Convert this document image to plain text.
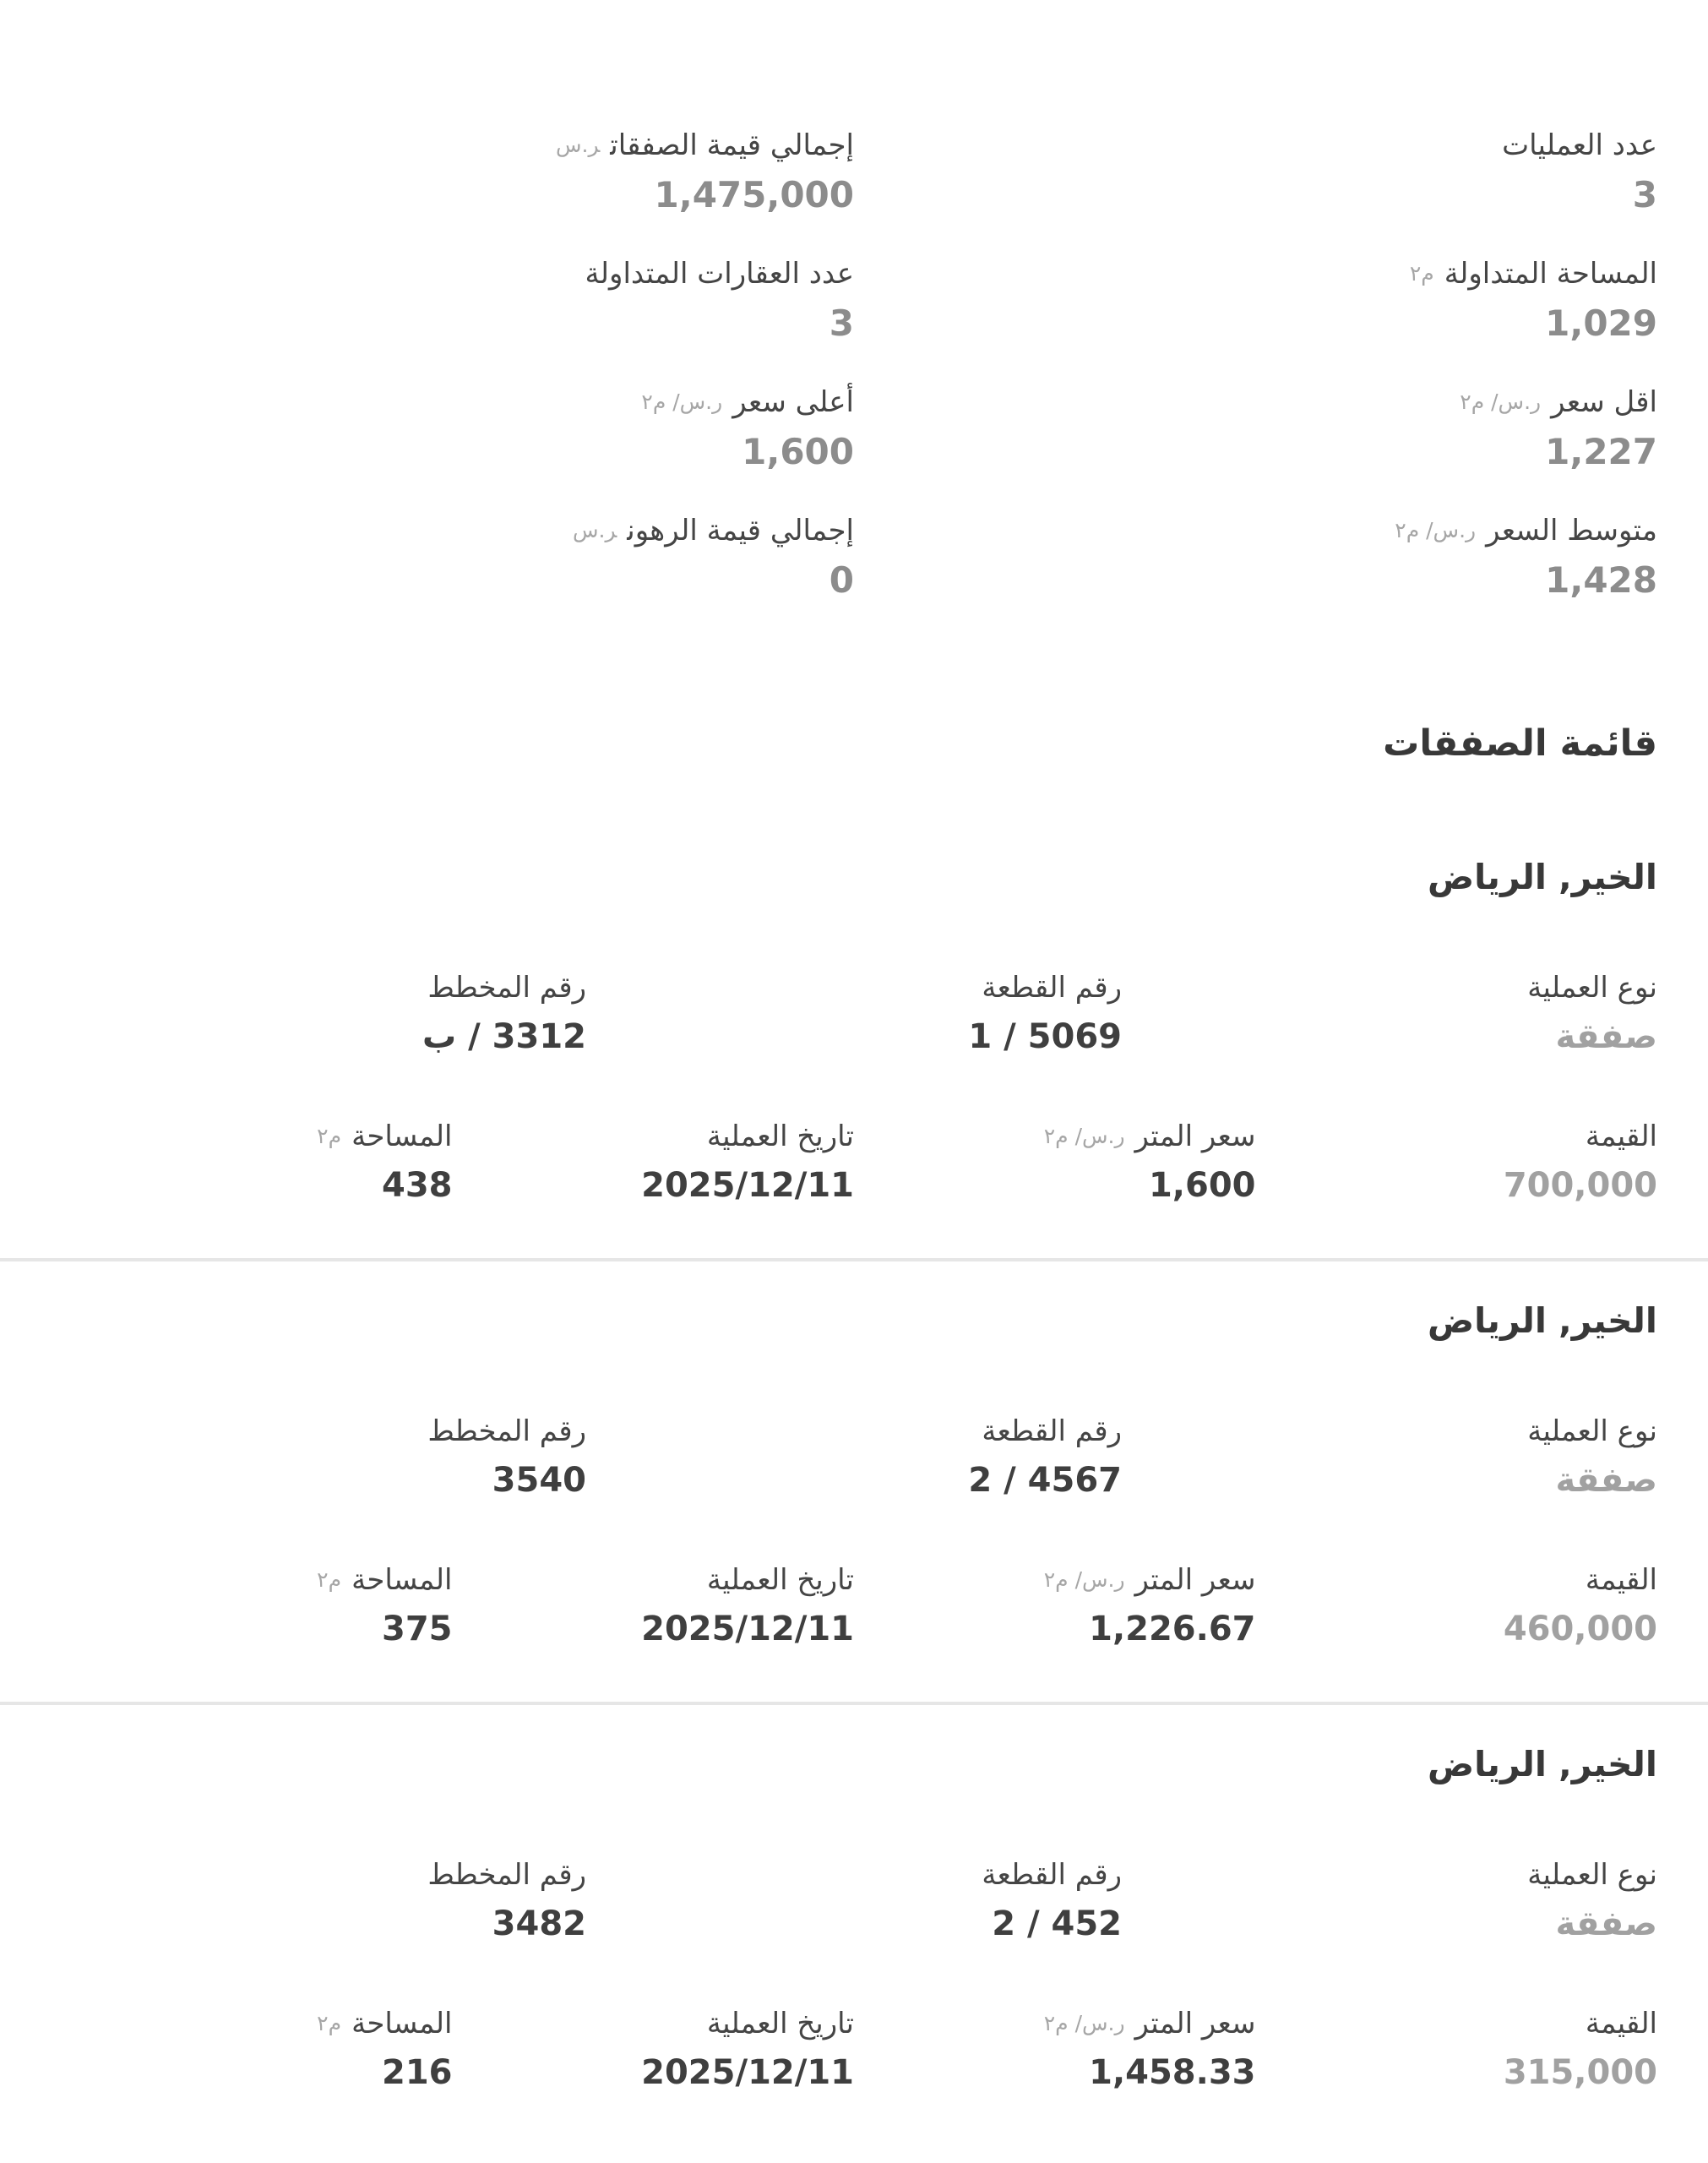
عدد العمليات
3
إجمالي قيمة الصفقاتر.س
1,475,000
المساحة المتداولةم٢
1,029
عدد العقارات المتداولة
3
اقل سعرر.س/ م٢
1,227
أعلى سعرر.س/ م٢
1,600
متوسط السعرر.س/ م٢
1,428
إجمالي قيمة الرهونر.س
0
قائمة الصفقات
الخير, الرياض
نوع العملية
صفقة
رقم القطعة
5069 / 1
رقم المخطط
3312 / ب
القيمة
700,000
سعر المترر.س/ م٢
1,600
تاريخ العملية
2025/12/11
المساحةم٢
438
الخير, الرياض
نوع العملية
صفقة
رقم القطعة
4567 / 2
رقم المخطط
3540
القيمة
460,000
سعر المترر.س/ م٢
1,226.67
تاريخ العملية
2025/12/11
المساحةم٢
375
الخير, الرياض
نوع العملية
صفقة
رقم القطعة
452 / 2
رقم المخطط
3482
القيمة
315,000
سعر المترر.س/ م٢
1,458.33
تاريخ العملية
2025/12/11
المساحةم٢
216
